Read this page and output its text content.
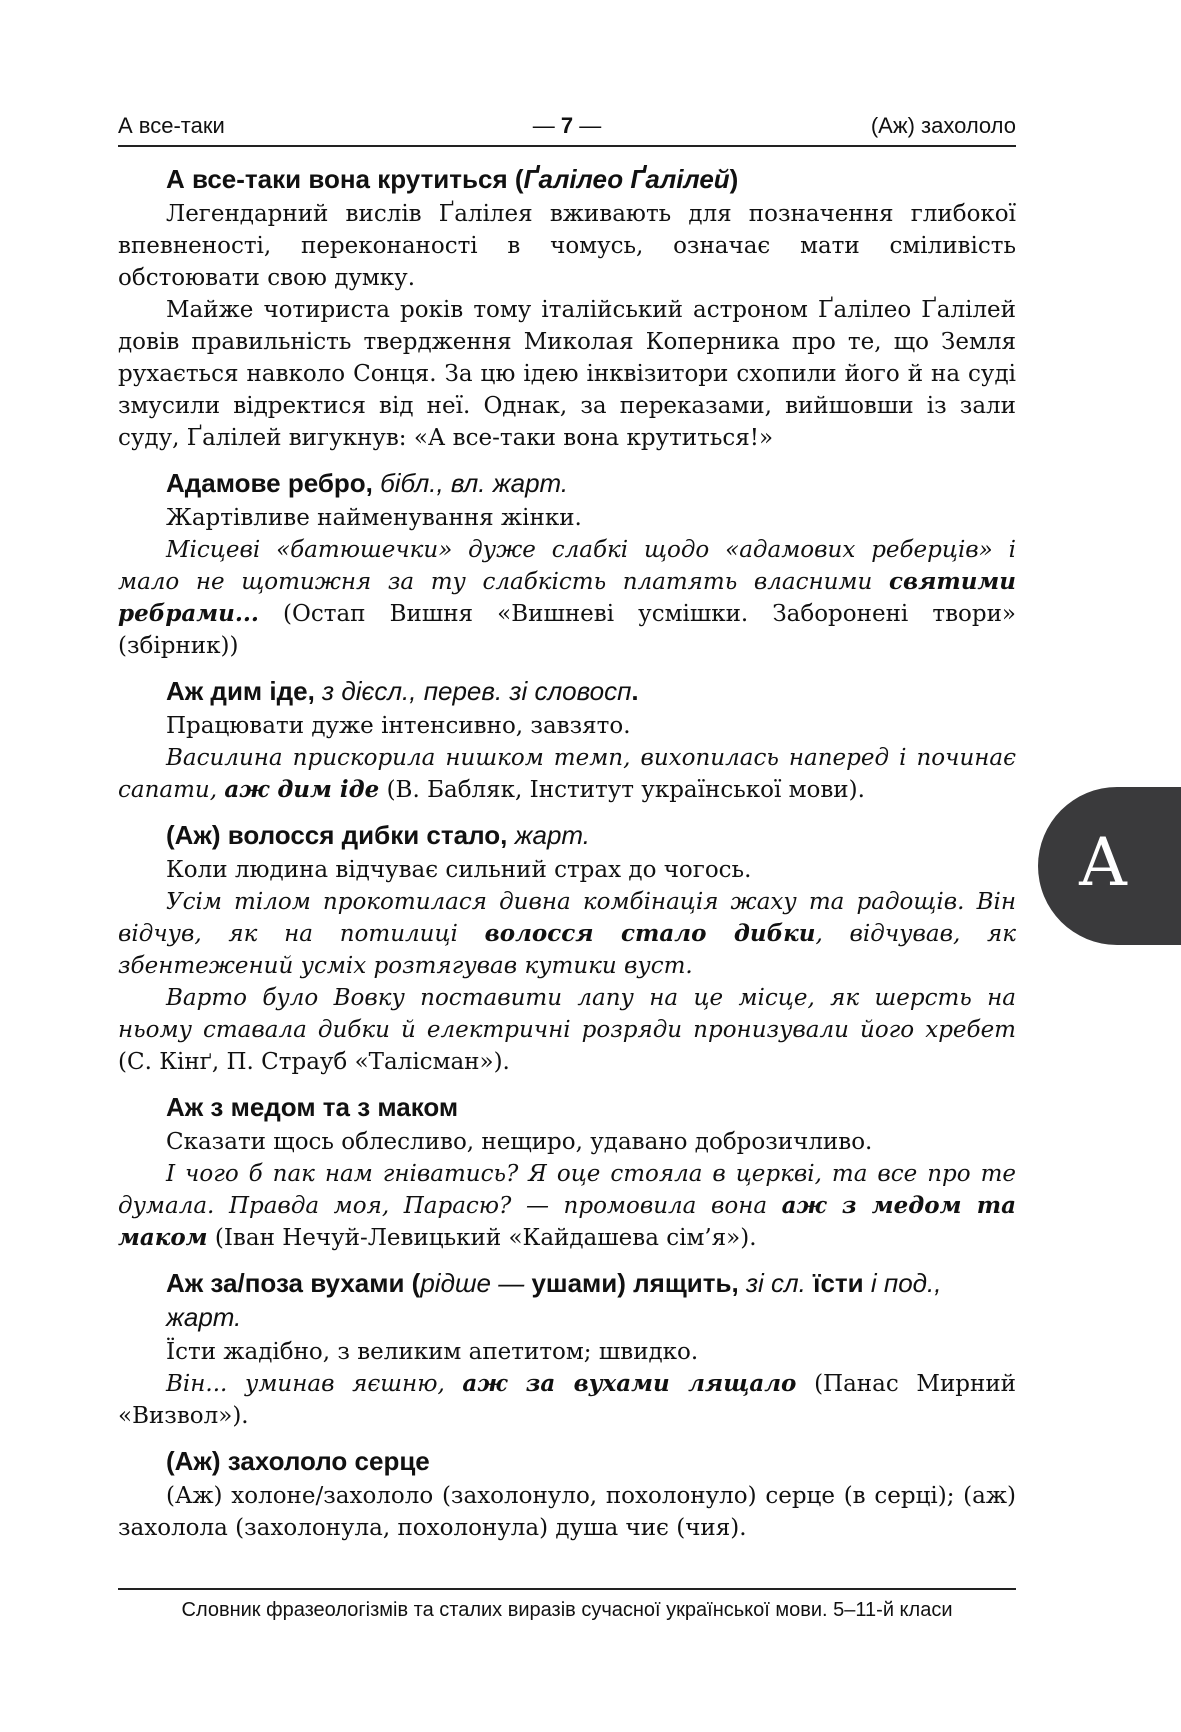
А все-таки	— 7 —	(Аж) захололо
А все-таки вона крутиться (Ґалілео Ґалілей)

Легендарний вислів Ґалілея вживають для позначення глибокої впевненості, переконаності в чомусь, означає мати сміливість обстоювати свою думку.

Майже чотириста років тому італійський астроном Ґалілео Ґалілей довів правильність твердження Миколая Коперника про те, що Земля рухається навколо Сонця. За цю ідею інквізитори схопили його й на суді змусили відректися від неї. Однак, за переказами, вийшовши із зали суду, Ґалілей вигукнув: «А все-таки вона крутиться!»

Адамове ребро, бібл., вл. жарт.

Жартівливе найменування жінки.

Місцеві «батюшечки» дуже слабкі щодо «адамових реберців» і мало не щотижня за ту слабкість платять власними святими ребрами... (Остап Вишня «Вишневі усмішки. Заборонені твори» (збірник))

Аж дим іде, з дієсл., перев. зі словосп.

Працювати дуже інтенсивно, завзято.

Василина прискорила нишком темп, вихопилась наперед і починає сапати, аж дим іде (В. Бабляк, Інститут української мови).

(Аж) волосся дибки стало, жарт.

Коли людина відчуває сильний страх до чогось.

Усім тілом прокотилася дивна комбінація жаху та радощів. Він відчув, як на потилиці волосся стало дибки, відчував, як збентежений усміх розтягував кутики вуст.

Варто було Вовку поставити лапу на це місце, як шерсть на ньому ставала дибки й електричні розряди пронизували його хребет (С. Кінґ, П. Страуб «Талісман»).

Аж з медом та з маком

Сказати щось облесливо, нещиро, удавано доброзичливо.

І чого б пак нам гніватись? Я оце стояла в церкві, та все про те думала. Правда моя, Парасю? — промовила вона аж з медом та маком (Іван Нечуй-Левицький «Кайдашева сім’я»).

Аж за/поза вухами (рідше — ушами) лящить, зі сл. їсти і под., жарт.

Їсти жадібно, з великим апетитом; швидко.

Він... уминав яєшню, аж за вухами лящало (Панас Мирний «Визвол»).

(Аж) захололо серце

(Аж) холоне/захололо (захолонуло, похолонуло) серце (в серці); (аж) захолола (захолонула, похолонула) душа чиє (чия).

А
Словник фразеологізмів та сталих виразів сучасної української мови. 5–11-й класи
